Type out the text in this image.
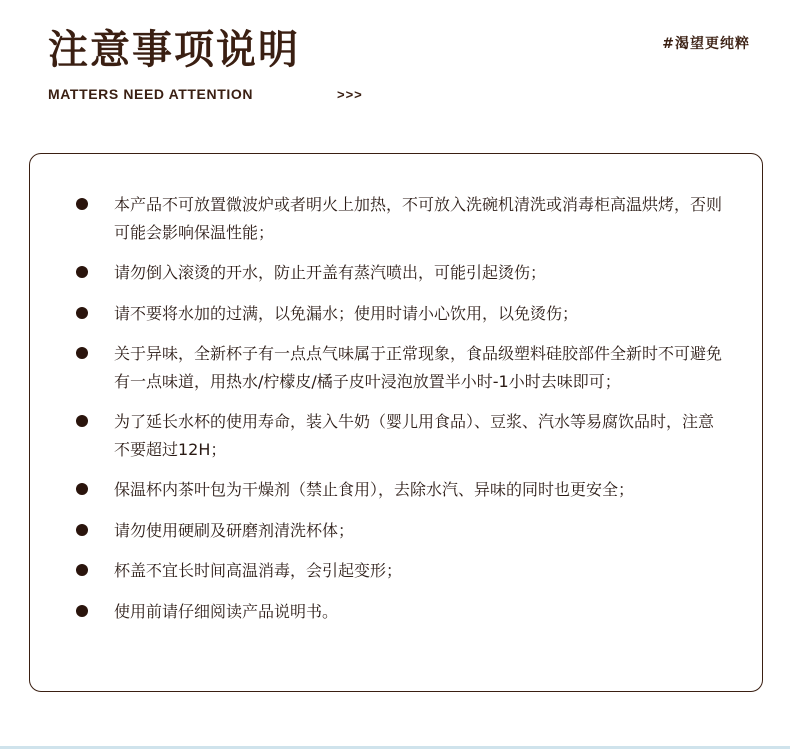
注意事项说明
MATTERS NEED ATTENTION	>>>
#渴望更纯粹
本产品不可放置微波炉或者明火上加热，不可放入洗碗机清洗或消毒柜高温烘烤，否则可能会影响保温性能；
请勿倒入滚烫的开水，防止开盖有蒸汽喷出，可能引起烫伤；
请不要将水加的过满，以免漏水；使用时请小心饮用，以免烫伤；
关于异味，全新杯子有一点点气味属于正常现象，食品级塑料硅胶部件全新时不可避免有一点味道，用热水/柠檬皮/橘子皮叶浸泡放置半小时-1小时去味即可；
为了延长水杯的使用寿命，装入牛奶（婴儿用食品）、豆浆、汽水等易腐饮品时，注意不要超过12H；
保温杯内茶叶包为干燥剂（禁止食用），去除水汽、异味的同时也更安全；
请勿使用硬刷及研磨剂清洗杯体；
杯盖不宜长时间高温消毒，会引起变形；
使用前请仔细阅读产品说明书。
